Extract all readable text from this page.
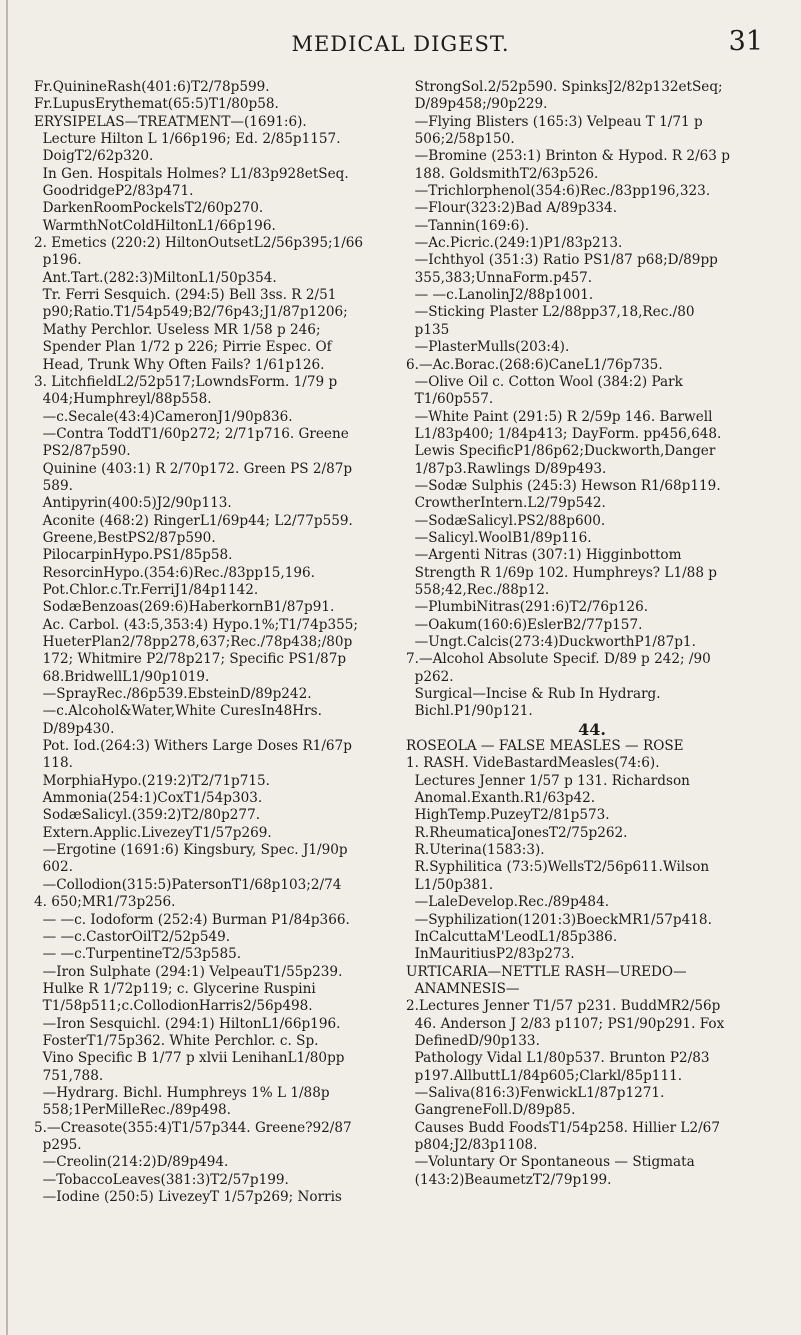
MEDICAL DIGEST.	31
Fr.QuinineRash(401:6)T2/78p599.
Fr.LupusErythemat(65:5)T1/80p58.
ERYSIPELAS—TREATMENT—(1691:6).
Lecture Hilton L 1/66p196; Ed. 2/85p1157.
DoigT2/62p320.
In Gen. Hospitals Holmes? L1/83p928etSeq.
GoodridgeP2/83p471.
DarkenRoomPockelsT2/60p270.
WarmthNotColdHiltonL1/66p196.
2. Emetics (220:2) HiltonOutsetL2/56p395;1/66
p196.
Ant.Tart.(282:3)MiltonL1/50p354.
Tr. Ferri Sesquich. (294:5) Bell 3ss. R 2/51
p90;Ratio.T1/54p549;B2/76p43;J1/87p1206;
Mathy Perchlor. Useless MR 1/58 p 246;
Spender Plan 1/72 p 226; Pirrie Espec. Of
Head, Trunk Why Often Fails? 1/61p126.
3. LitchfieldL2/52p517;LowndsForm. 1/79 p
404;Humphreyl/88p558.
—c.Secale(43:4)CameronJ1/90p836.
—Contra ToddT1/60p272; 2/71p716. Greene
PS2/87p590.
Quinine (403:1) R 2/70p172. Green PS 2/87p
589.
Antipyrin(400:5)J2/90p113.
Aconite (468:2) RingerL1/69p44; L2/77p559.
Greene,BestPS2/87p590.
PilocarpinHypo.PS1/85p58.
ResorcinHypo.(354:6)Rec./83pp15,196.
Pot.Chlor.c.Tr.FerriJ1/84p1142.
SodæBenzoas(269:6)HaberkornB1/87p91.
Ac. Carbol. (43:5,353:4) Hypo.1%;T1/74p355;
HueterPlan2/78pp278,637;Rec./78p438;/80p
172; Whitmire P2/78p217; Specific PS1/87p
68.BridwellL1/90p1019.
—SprayRec./86p539.EbsteinD/89p242.
—c.Alcohol&Water,White CuresIn48Hrs.
D/89p430.
Pot. Iod.(264:3) Withers Large Doses R1/67p
118.
MorphiaHypo.(219:2)T2/71p715.
Ammonia(254:1)CoxT1/54p303.
SodæSalicyl.(359:2)T2/80p277.
Extern.Applic.LivezeyT1/57p269.
—Ergotine (1691:6) Kingsbury, Spec. J1/90p
602.
—Collodion(315:5)PatersonT1/68p103;2/74
4. 650;MR1/73p256.
— —c. Iodoform (252:4) Burman P1/84p366.
— —c.CastorOilT2/52p549.
— —c.TurpentineT2/53p585.
—Iron Sulphate (294:1) VelpeauT1/55p239.
Hulke R 1/72p119; c. Glycerine Ruspini
T1/58p511;c.CollodionHarris2/56p498.
—Iron Sesquichl. (294:1) HiltonL1/66p196.
FosterT1/75p362. White Perchlor. c. Sp.
Vino Specific B 1/77 p xlvii LenihanL1/80pp
751,788.
—Hydrarg. Bichl. Humphreys 1% L 1/88p
558;1PerMilleRec./89p498.
5.—Creasote(355:4)T1/57p344. Greene?92/87
p295.
—Creolin(214:2)D/89p494.
—TobaccoLeaves(381:3)T2/57p199.
—Iodine (250:5) LivezeyT 1/57p269; Norris
StrongSol.2/52p590. SpinksJ2/82p132etSeq;
D/89p458;/90p229.
—Flying Blisters (165:3) Velpeau T 1/71 p
506;2/58p150.
—Bromine (253:1) Brinton & Hypod. R 2/63 p
188. GoldsmithT2/63p526.
—Trichlorphenol(354:6)Rec./83pp196,323.
—Flour(323:2)Bad A/89p334.
—Tannin(169:6).
—Ac.Picric.(249:1)P1/83p213.
—Ichthyol (351:3) Ratio PS1/87 p68;D/89pp
355,383;UnnaForm.p457.
— —c.LanolinJ2/88p1001.
—Sticking Plaster L2/88pp37,18,Rec./80
p135
—PlasterMulls(203:4).
6.—Ac.Borac.(268:6)CaneL1/76p735.
—Olive Oil c. Cotton Wool (384:2) Park
T1/60p557.
—White Paint (291:5) R 2/59p 146. Barwell
L1/83p400; 1/84p413; DayForm. pp456,648.
Lewis SpecificP1/86p62;Duckworth,Danger
1/87p3.Rawlings D/89p493.
—Sodæ Sulphis (245:3) Hewson R1/68p119.
CrowtherIntern.L2/79p542.
—SodæSalicyl.PS2/88p600.
—Salicyl.WoolB1/89p116.
—Argenti Nitras (307:1) Higginbottom
Strength R 1/69p 102. Humphreys? L1/88 p
558;42,Rec./88p12.
—PlumbiNitras(291:6)T2/76p126.
—Oakum(160:6)EslerB2/77p157.
—Ungt.Calcis(273:4)DuckworthP1/87p1.
7.—Alcohol Absolute Specif. D/89 p 242; /90
p262.
Surgical—Incise & Rub In Hydrarg.
Bichl.P1/90p121.
44.
ROSEOLA — FALSE MEASLES — ROSE
1. RASH. VideBastardMeasles(74:6).
Lectures Jenner 1/57 p 131. Richardson
Anomal.Exanth.R1/63p42.
HighTemp.PuzeyT2/81p573.
R.RheumaticaJonesT2/75p262.
R.Uterina(1583:3).
R.Syphilitica (73:5)WellsT2/56p611.Wilson
L1/50p381.
—LaleDevelop.Rec./89p484.
—Syphilization(1201:3)BoeckMR1/57p418.
InCalcuttaM'LeodL1/85p386.
InMauritiusP2/83p273.
URTICARIA—NETTLE RASH—UREDO—
ANAMNESIS—
2.Lectures Jenner T1/57 p231. BuddMR2/56p
46. Anderson J 2/83 p1107; PS1/90p291. Fox
DefinedD/90p133.
Pathology Vidal L1/80p537. Brunton P2/83
p197.AllbuttL1/84p605;Clarkl/85p111.
—Saliva(816:3)FenwickL1/87p1271.
GangreneFoll.D/89p85.
Causes Budd FoodsT1/54p258. Hillier L2/67
p804;J2/83p1108.
—Voluntary Or Spontaneous — Stigmata
(143:2)BeaumetzT2/79p199.
